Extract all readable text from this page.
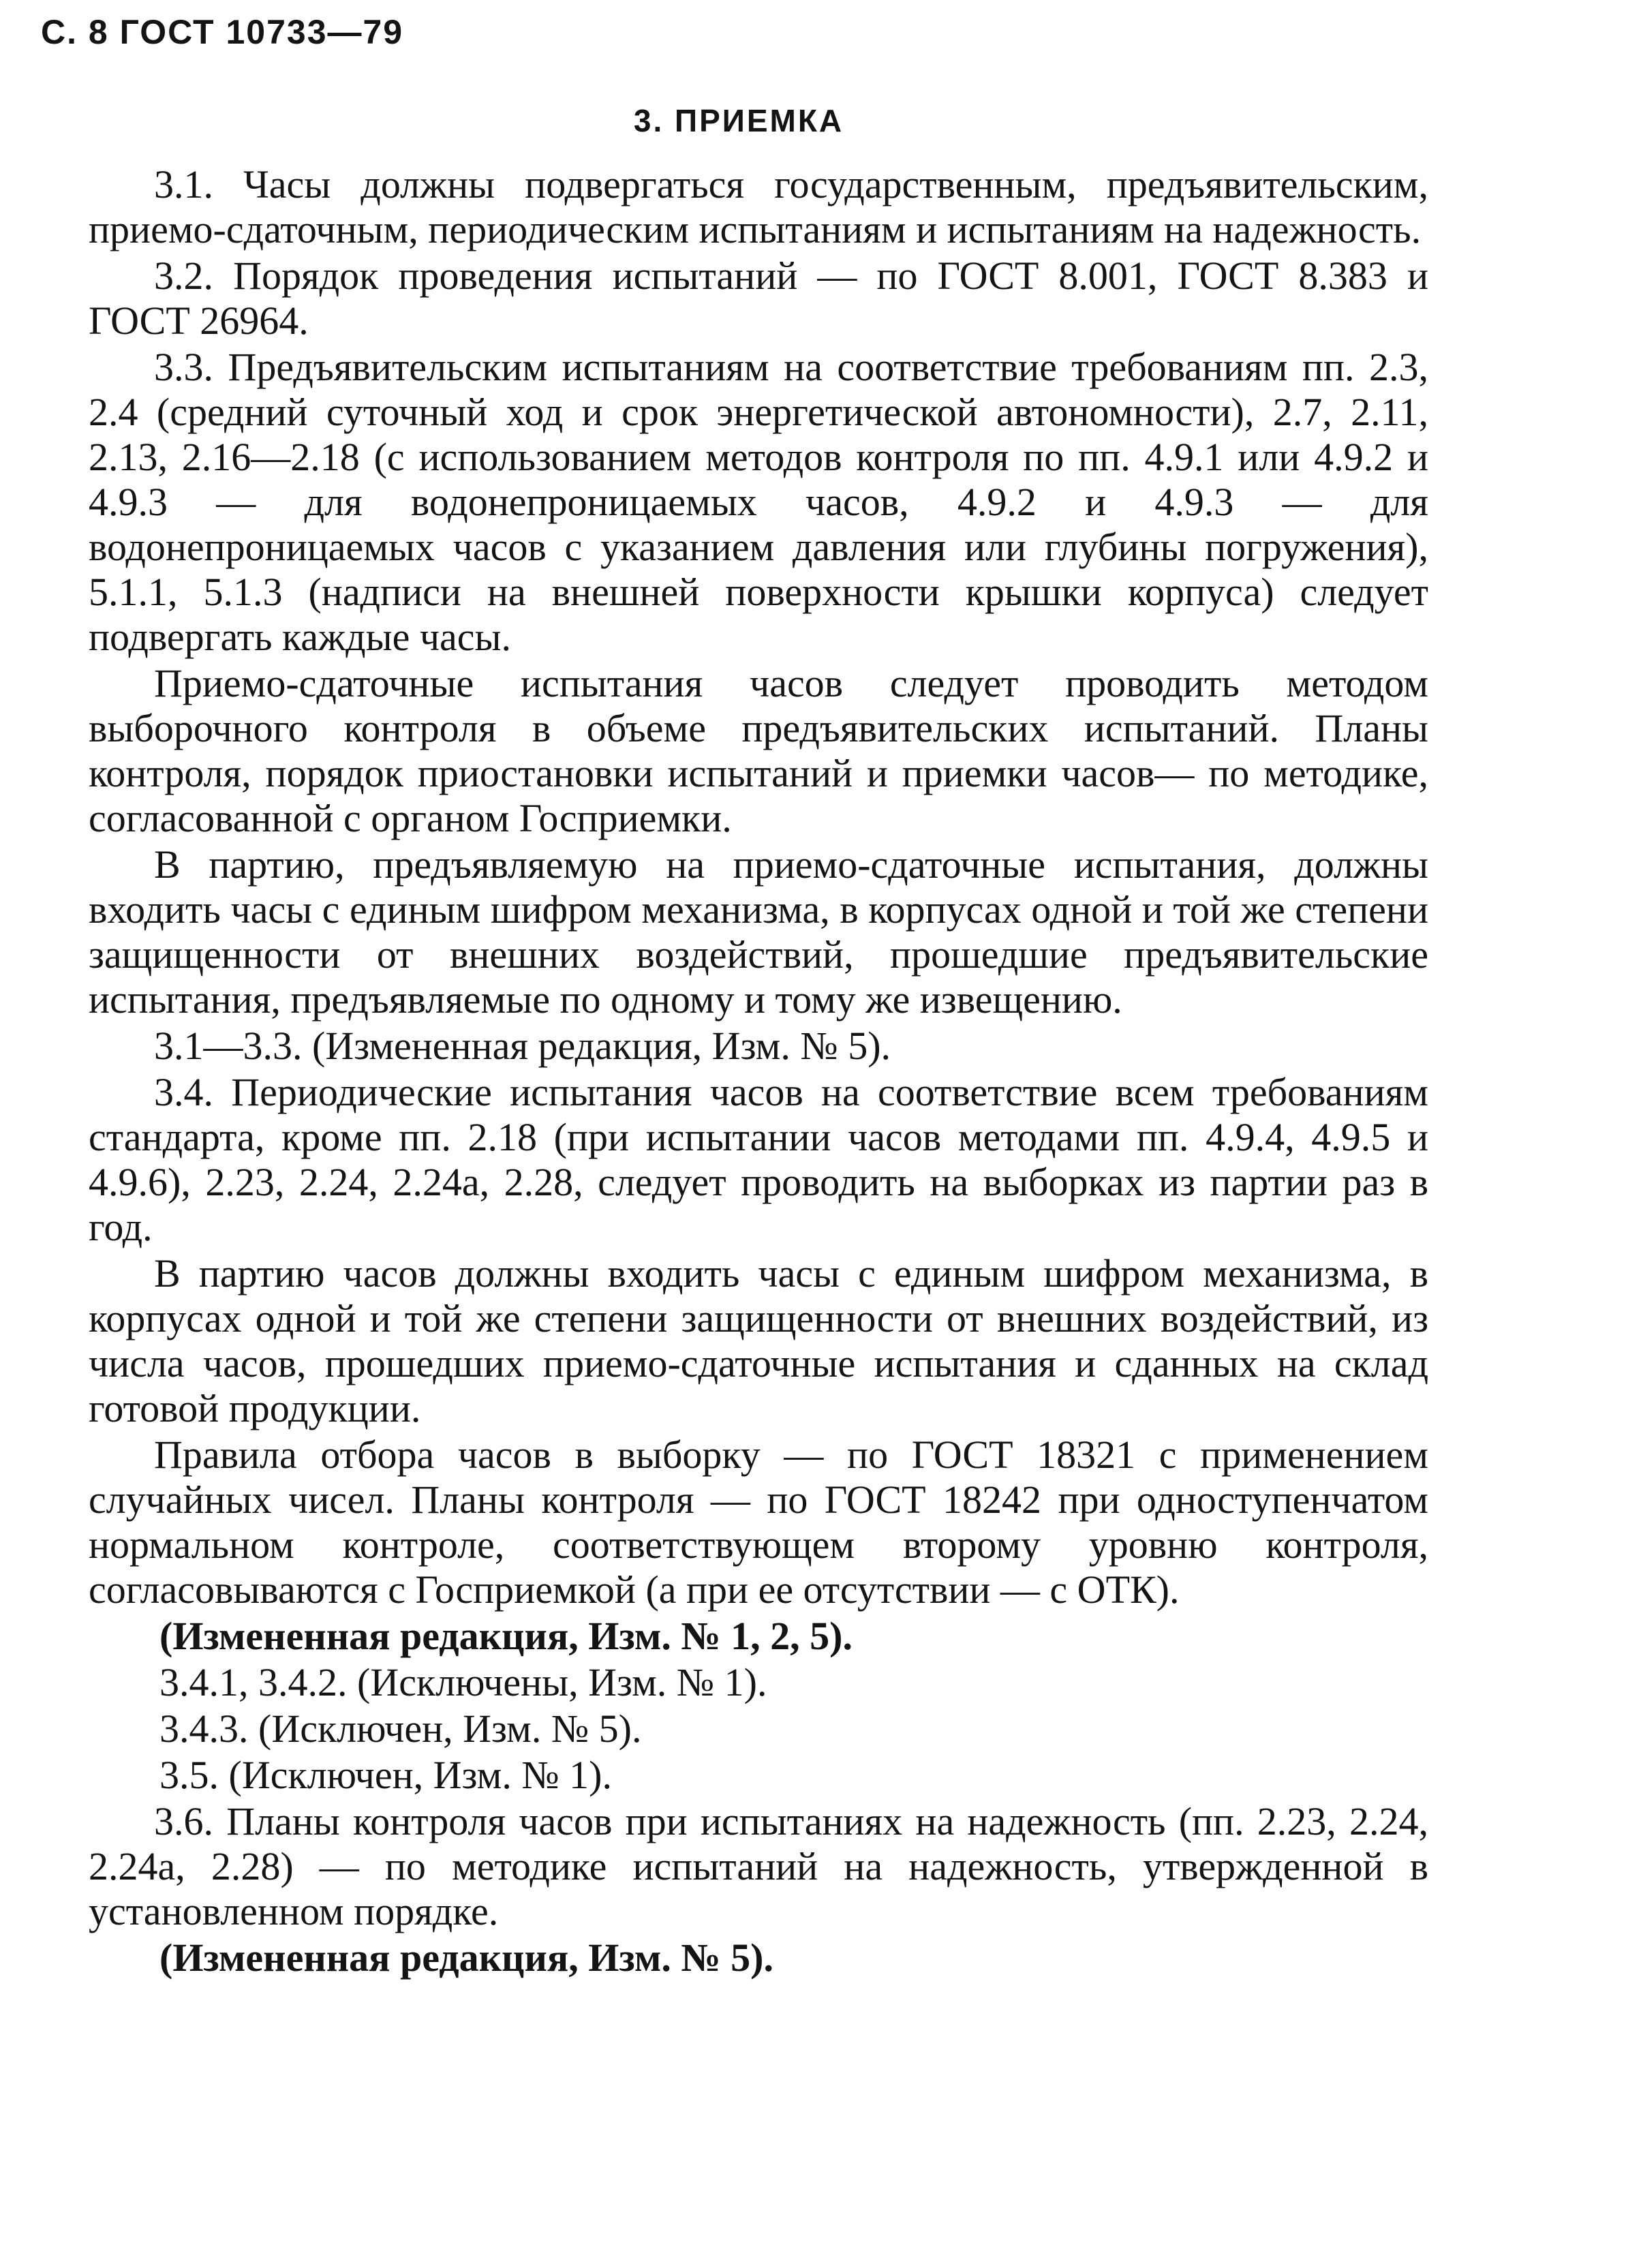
С. 8 ГОСТ 10733—79
3. ПРИЕМКА

3.1. Часы должны подвергаться государственным, предъявительским, приемо-сдаточным, периодическим испытаниям и испытаниям на надежность.

3.2. Порядок проведения испытаний — по ГОСТ 8.001, ГОСТ 8.383 и ГОСТ 26964.

3.3. Предъявительским испытаниям на соответствие требованиям пп. 2.3, 2.4 (средний суточный ход и срок энергетической автономности), 2.7, 2.11, 2.13, 2.16—2.18 (с использованием методов контроля по пп. 4.9.1 или 4.9.2 и 4.9.3 — для водонепроницаемых часов, 4.9.2 и 4.9.3 — для водонепроницаемых часов с указанием давления или глубины погружения), 5.1.1, 5.1.3 (надписи на внешней поверхности крышки корпуса) следует подвергать каждые часы.

Приемо-сдаточные испытания часов следует проводить методом выборочного контроля в объеме предъявительских испытаний. Планы контроля, порядок приостановки испытаний и приемки часов— по методике, согласованной с органом Госприемки.

В партию, предъявляемую на приемо-сдаточные испытания, должны входить часы с единым шифром механизма, в корпусах одной и той же степени защищенности от внешних воздействий, прошедшие предъявительские испытания, предъявляемые по одному и тому же извещению.

3.1—3.3. (Измененная редакция, Изм. № 5).

3.4. Периодические испытания часов на соответствие всем требованиям стандарта, кроме пп. 2.18 (при испытании часов методами пп. 4.9.4, 4.9.5 и 4.9.6), 2.23, 2.24, 2.24а, 2.28, следует проводить на выборках из партии раз в год.

В партию часов должны входить часы с единым шифром механизма, в корпусах одной и той же степени защищенности от внешних воздействий, из числа часов, прошедших приемо-сдаточные испытания и сданных на склад готовой продукции.

Правила отбора часов в выборку — по ГОСТ 18321 с применением случайных чисел. Планы контроля — по ГОСТ 18242 при одноступенчатом нормальном контроле, соответствующем второму уровню контроля, согласовываются с Госприемкой (а при ее отсутствии — с ОТК).

(Измененная редакция, Изм. № 1, 2, 5).

3.4.1, 3.4.2. (Исключены, Изм. № 1).

3.4.3. (Исключен, Изм. № 5).

3.5. (Исключен, Изм. № 1).

3.6. Планы контроля часов при испытаниях на надежность (пп. 2.23, 2.24, 2.24а, 2.28) — по методике испытаний на надежность, утвержденной в установленном порядке.

(Измененная редакция, Изм. № 5).
